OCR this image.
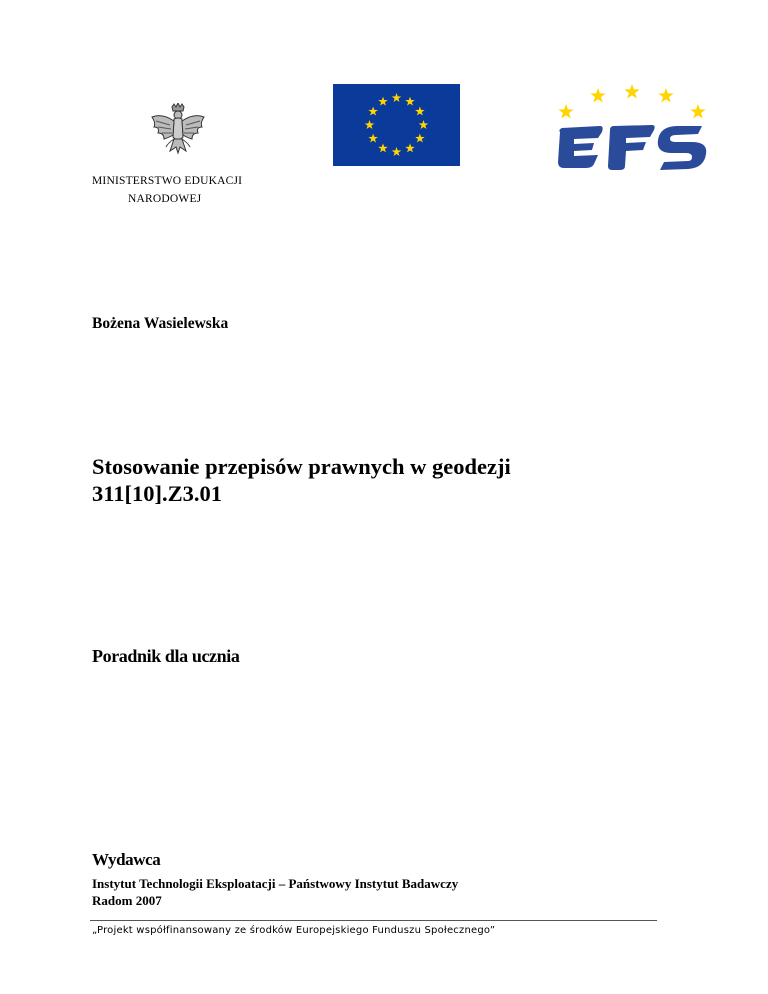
MINISTERSTWO EDUKACJI
NARODOWEJ
Bożena Wasielewska
Stosowanie przepisów prawnych w geodezji
311[10].Z3.01
Poradnik dla ucznia
Wydawca
Instytut Technologii Eksploatacji – Państwowy Instytut Badawczy
Radom 2007
„Projekt współfinansowany ze środków Europejskiego Funduszu Społecznego”
